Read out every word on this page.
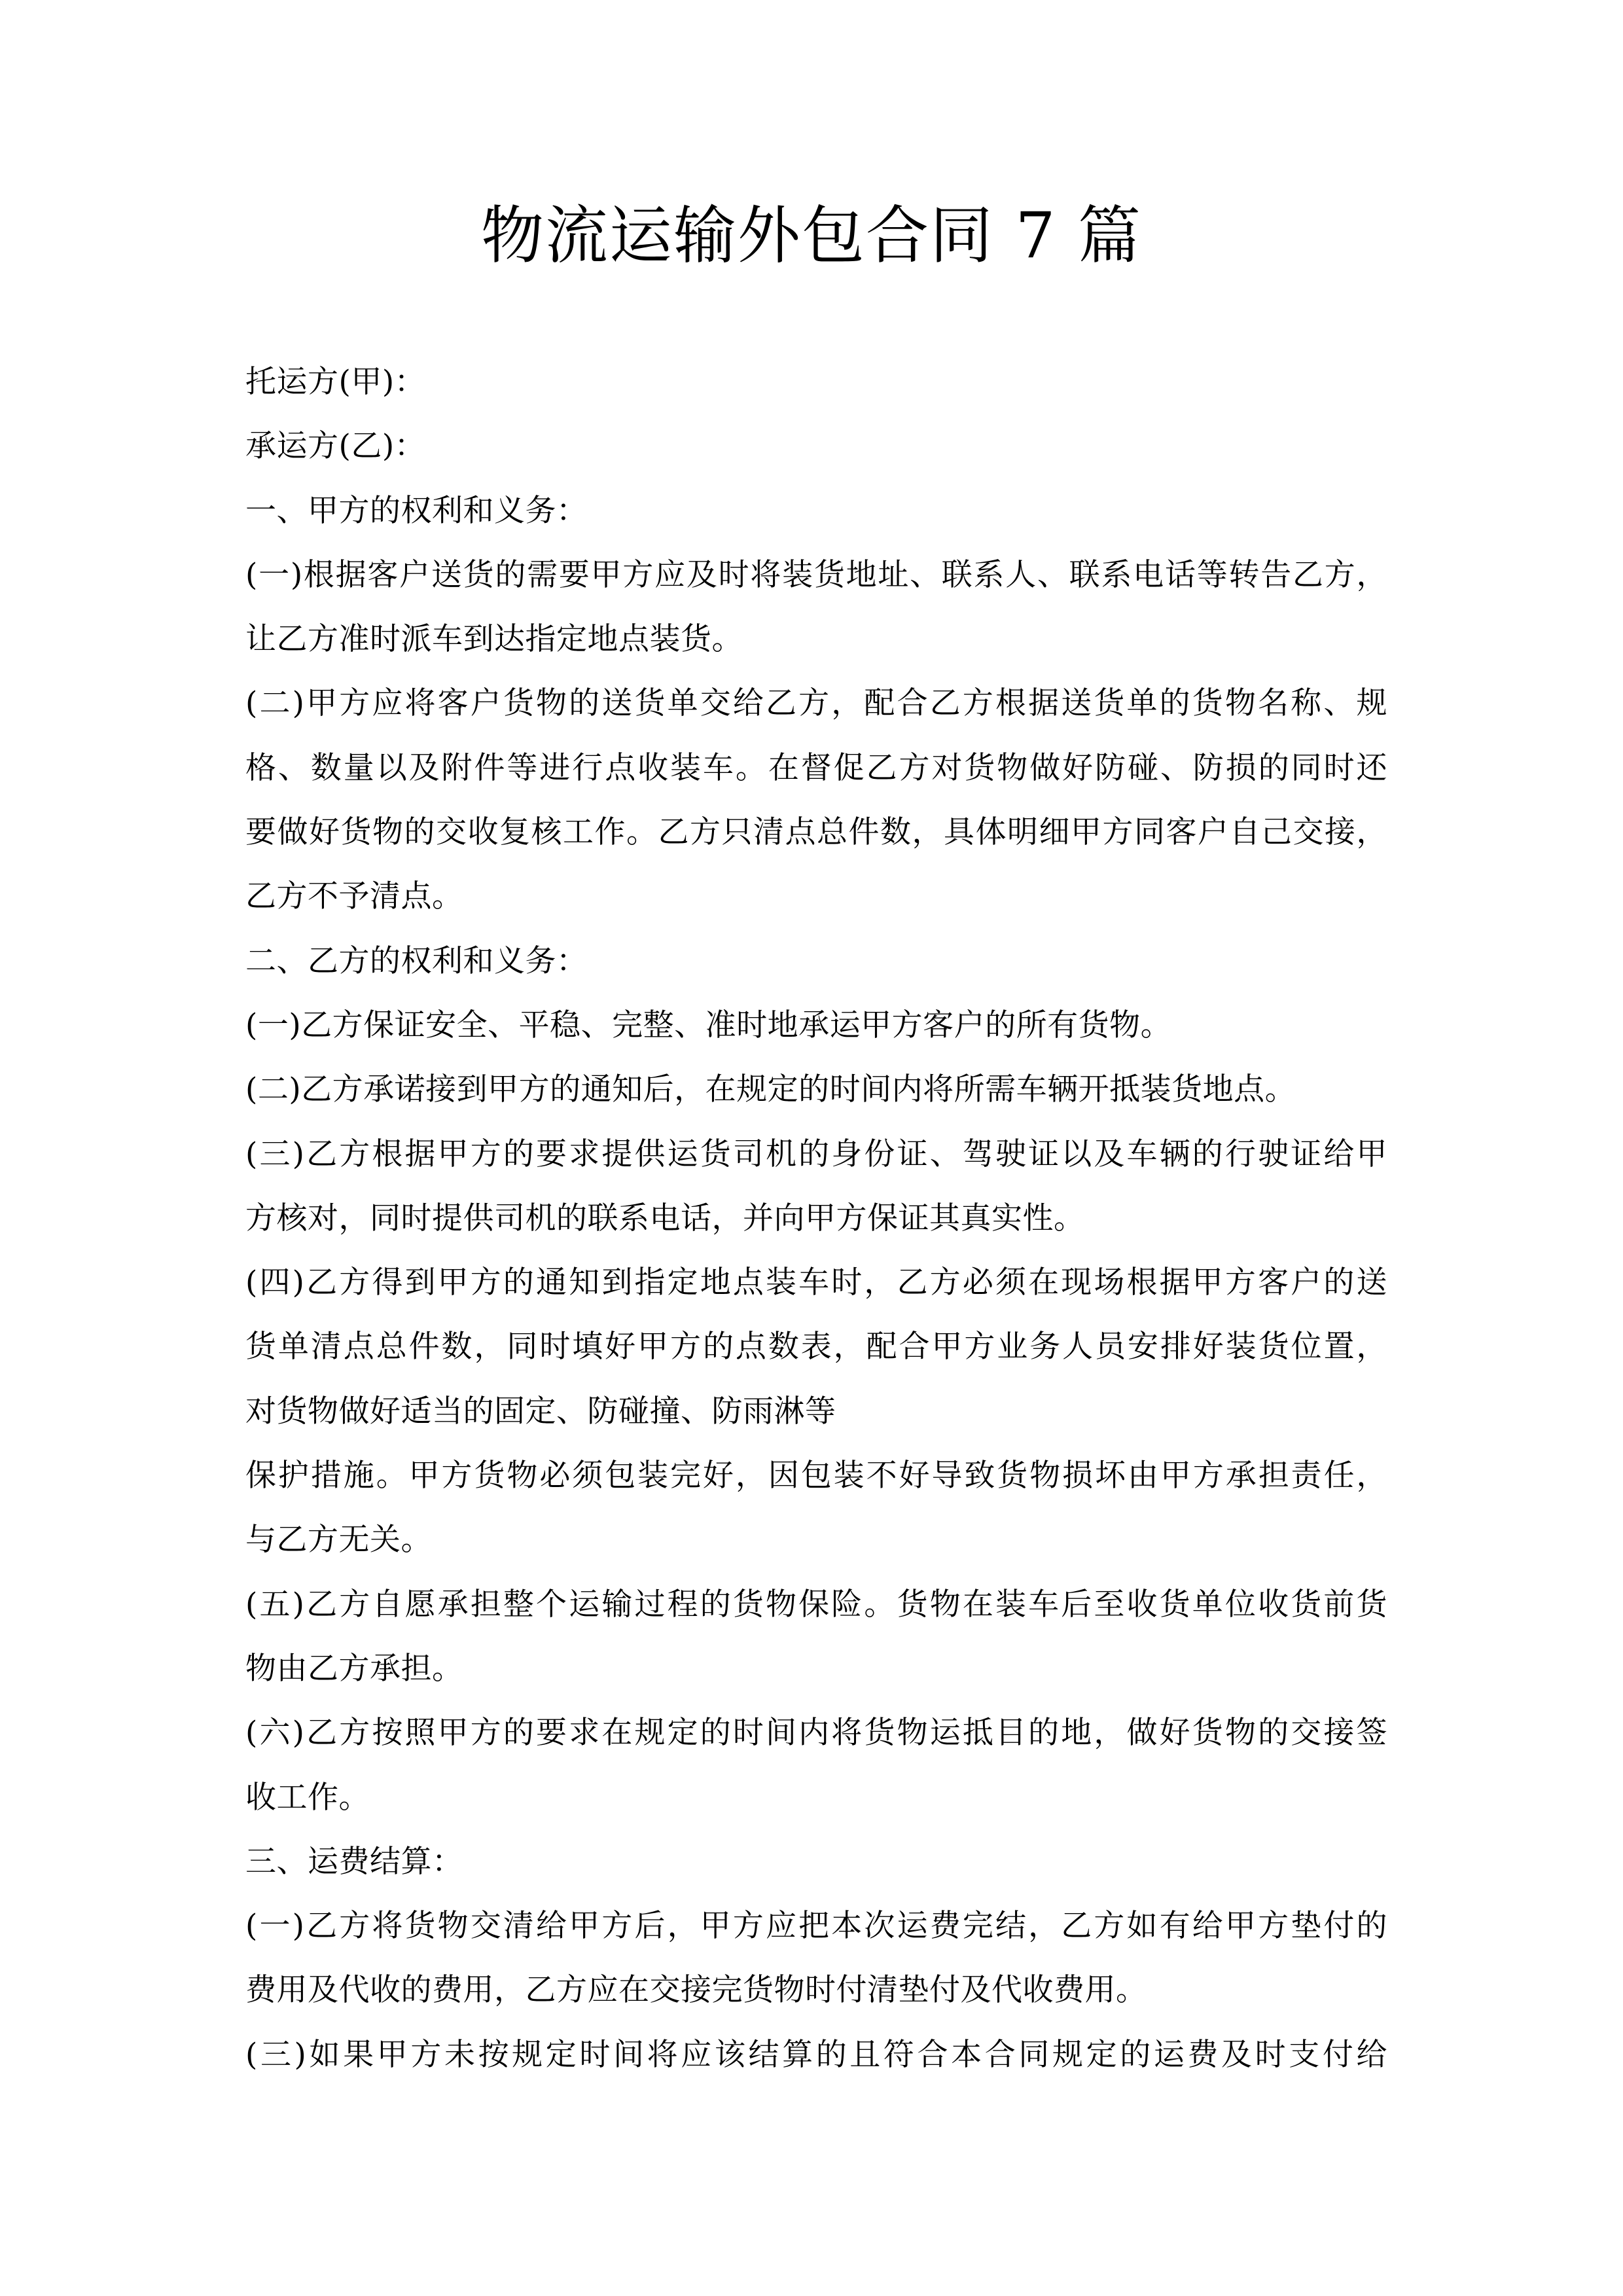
物流运输外包合同 7 篇
托运方(甲)：
承运方(乙)：
一、甲方的权利和义务：
(一)根据客户送货的需要甲方应及时将装货地址、联系人、联系电话等转告乙方，
让乙方准时派车到达指定地点装货。
(二)甲方应将客户货物的送货单交给乙方，配合乙方根据送货单的货物名称、规
格、数量以及附件等进行点收装车。在督促乙方对货物做好防碰、防损的同时还
要做好货物的交收复核工作。乙方只清点总件数，具体明细甲方同客户自己交接，
乙方不予清点。
二、乙方的权利和义务：
(一)乙方保证安全、平稳、完整、准时地承运甲方客户的所有货物。
(二)乙方承诺接到甲方的通知后，在规定的时间内将所需车辆开抵装货地点。
(三)乙方根据甲方的要求提供运货司机的身份证、驾驶证以及车辆的行驶证给甲
方核对，同时提供司机的联系电话，并向甲方保证其真实性。
(四)乙方得到甲方的通知到指定地点装车时，乙方必须在现场根据甲方客户的送
货单清点总件数，同时填好甲方的点数表，配合甲方业务人员安排好装货位置，
对货物做好适当的固定、防碰撞、防雨淋等
保护措施。甲方货物必须包装完好，因包装不好导致货物损坏由甲方承担责任，
与乙方无关。
(五)乙方自愿承担整个运输过程的货物保险。货物在装车后至收货单位收货前货
物由乙方承担。
(六)乙方按照甲方的要求在规定的时间内将货物运抵目的地，做好货物的交接签
收工作。
三、运费结算：
(一)乙方将货物交清给甲方后，甲方应把本次运费完结，乙方如有给甲方垫付的
费用及代收的费用，乙方应在交接完货物时付清垫付及代收费用。
(三)如果甲方未按规定时间将应该结算的且符合本合同规定的运费及时支付给
